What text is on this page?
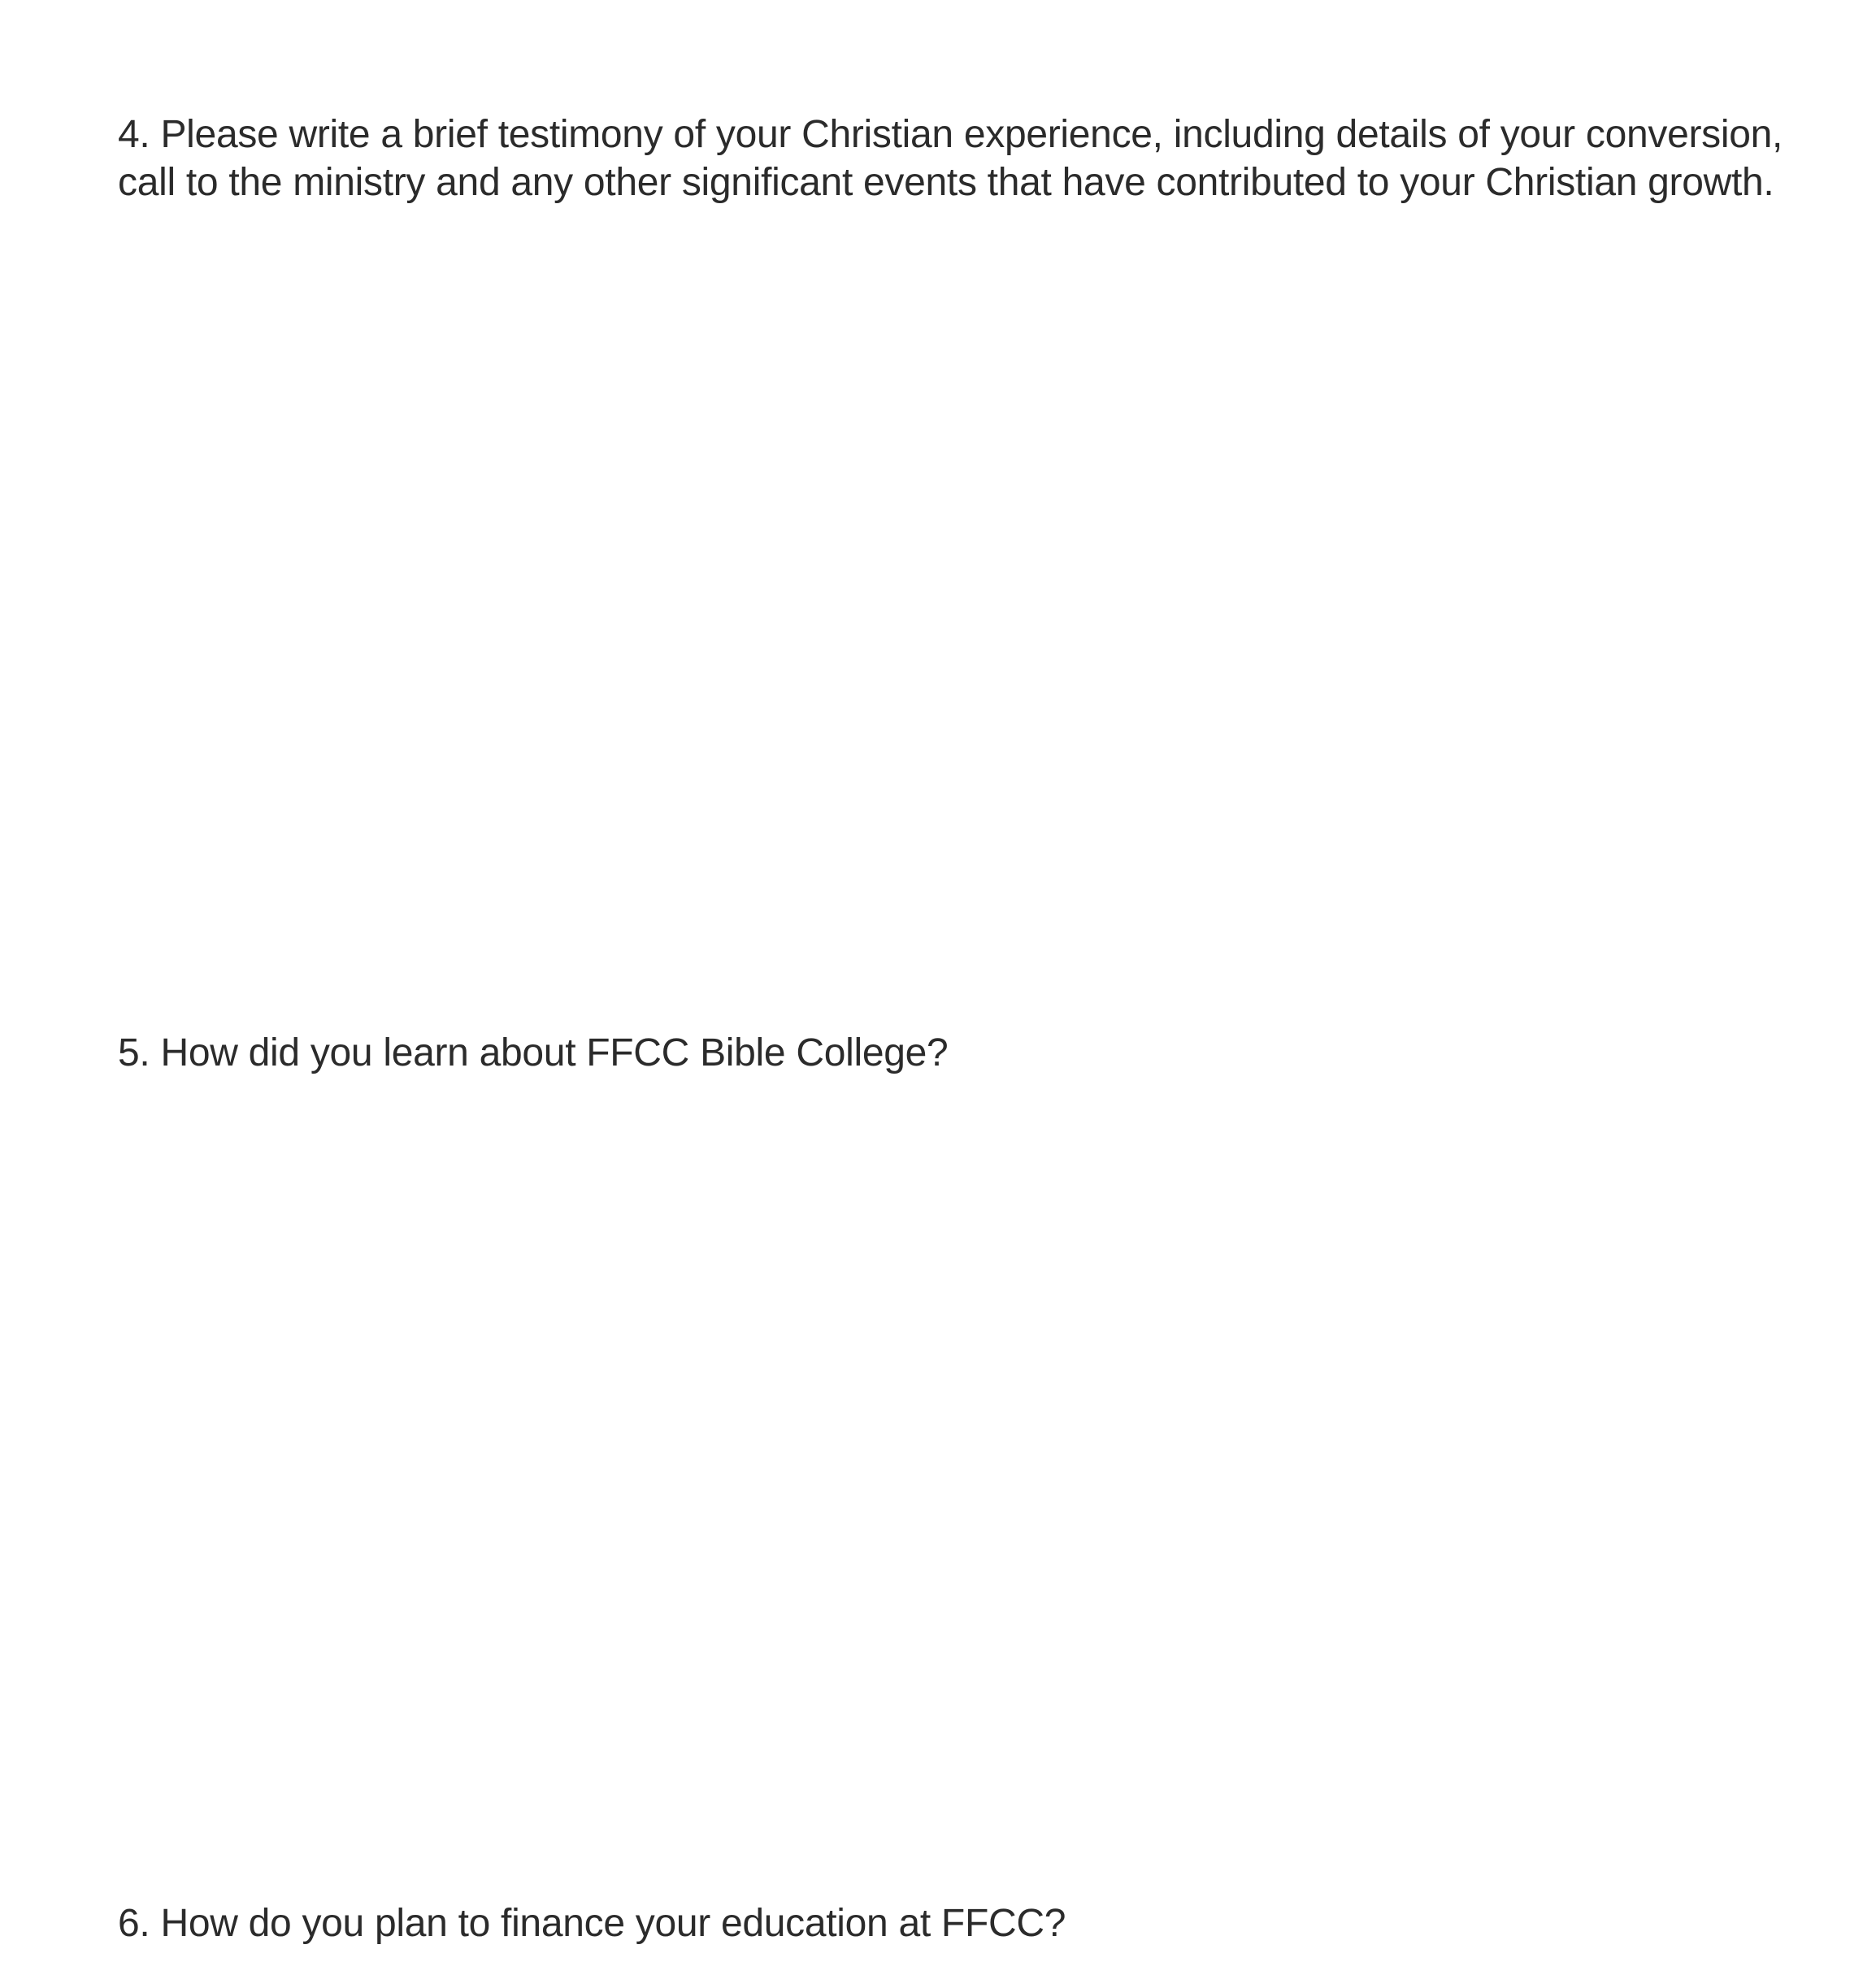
4. Please write a brief testimony of your Christian experience, including details of your conversion,
call to the ministry and any other significant events that have contributed to your Christian growth.
5. How did you learn about FFCC Bible College?
6. How do you plan to finance your education at FFCC?
